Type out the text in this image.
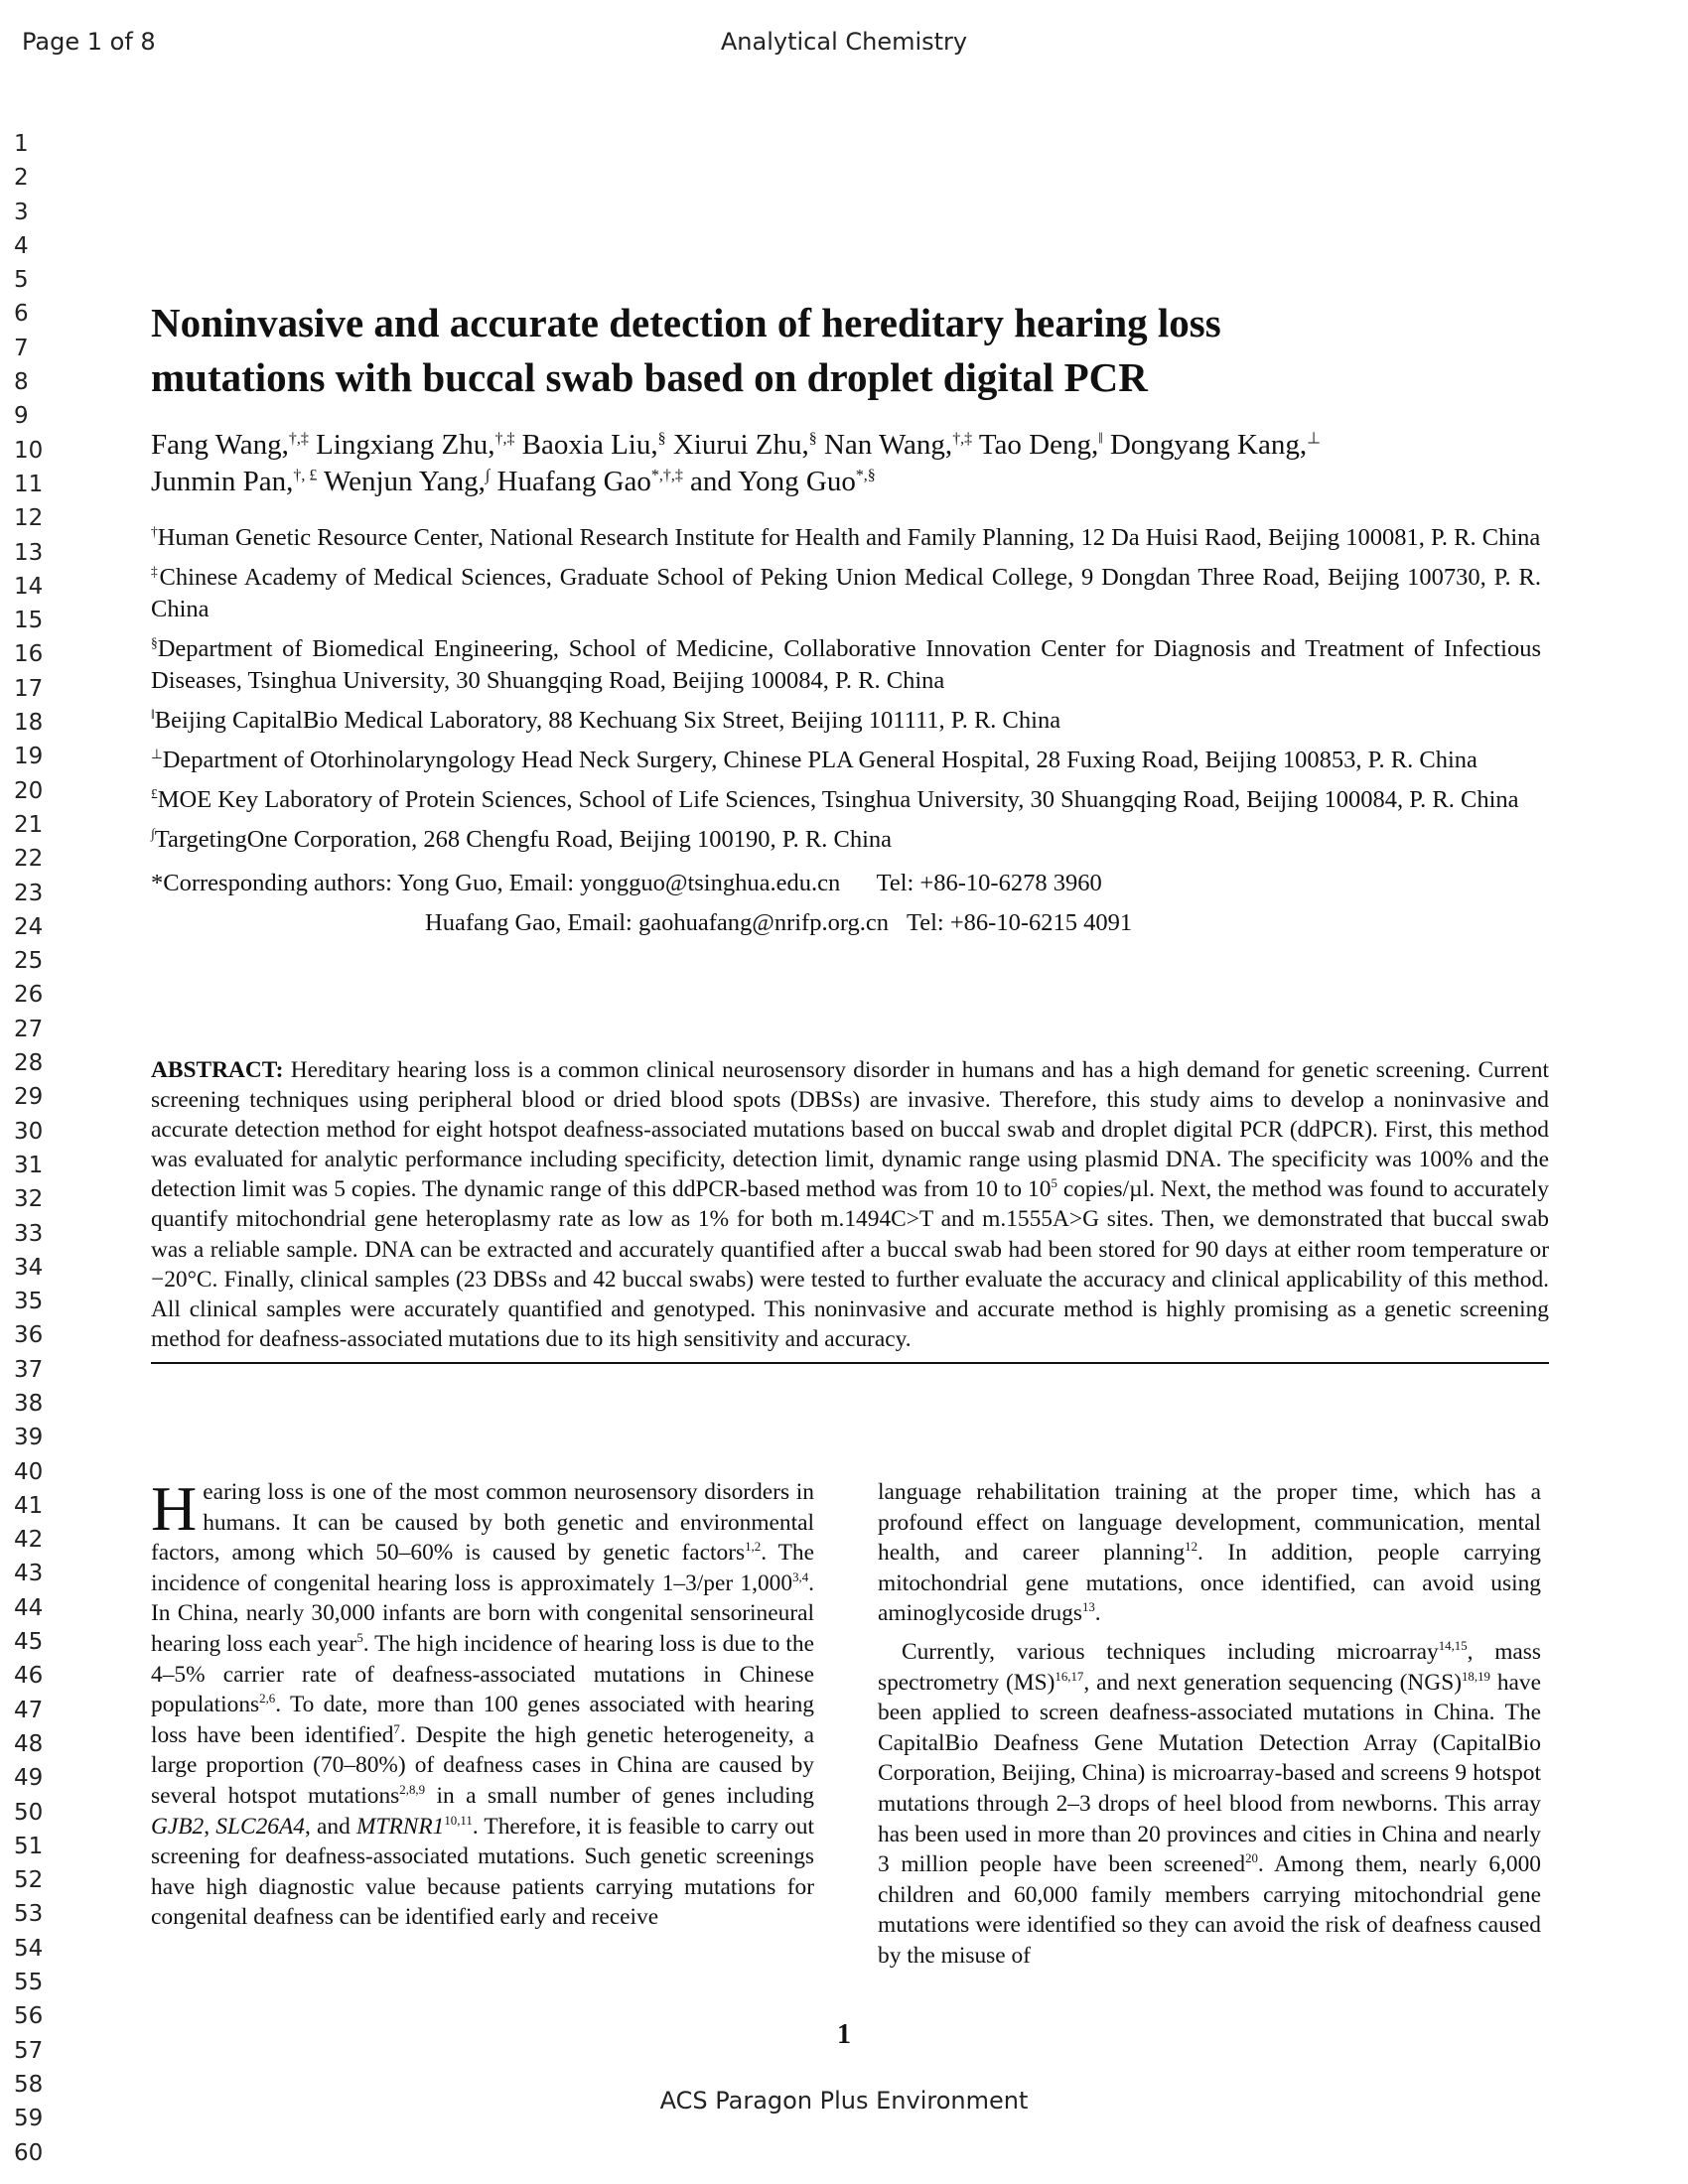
Page 1 of 8	Analytical Chemistry
1
2
3
4
5
6
7
8
9
10
11
12
13
14
15
16
17
18
19
20
21
22
23
24
25
26
27
28
29
30
31
32
33
34
35
36
37
38
39
40
41
42
43
44
45
46
47
48
49
50
51
52
53
54
55
56
57
58
59
60
Noninvasive and accurate detection of hereditary hearing loss
mutations with buccal swab based on droplet digital PCR
Fang Wang,†,‡ Lingxiang Zhu,†,‡ Baoxia Liu,§ Xiurui Zhu,§ Nan Wang,†,‡ Tao Deng,‖ Dongyang Kang,⊥
Junmin Pan,†, £ Wenjun Yang,∫ Huafang Gao*,†,‡ and Yong Guo*,§
†Human Genetic Resource Center, National Research Institute for Health and Family Planning, 12 Da Huisi Raod, Beijing 100081, P. R. China
‡Chinese Academy of Medical Sciences, Graduate School of Peking Union Medical College, 9 Dongdan Three Road, Beijing 100730, P. R. China
§Department of Biomedical Engineering, School of Medicine, Collaborative Innovation Center for Diagnosis and Treatment of Infectious Diseases, Tsinghua University, 30 Shuangqing Road, Beijing 100084, P. R. China
‖Beijing CapitalBio Medical Laboratory, 88 Kechuang Six Street, Beijing 101111, P. R. China
⊥Department of Otorhinolaryngology Head Neck Surgery, Chinese PLA General Hospital, 28 Fuxing Road, Beijing 100853, P. R. China
£MOE Key Laboratory of Protein Sciences, School of Life Sciences, Tsinghua University, 30 Shuangqing Road, Beijing 100084, P. R. China
∫TargetingOne Corporation, 268 Chengfu Road, Beijing 100190, P. R. China
*Corresponding authors: Yong Guo, Email: yongguo@tsinghua.edu.cn Tel: +86-10-6278 3960
Huafang Gao, Email: gaohuafang@nrifp.org.cn Tel: +86-10-6215 4091
ABSTRACT: Hereditary hearing loss is a common clinical neurosensory disorder in humans and has a high demand for genetic screening. Current screening techniques using peripheral blood or dried blood spots (DBSs) are invasive. Therefore, this study aims to develop a noninvasive and accurate detection method for eight hotspot deafness-associated mutations based on buccal swab and droplet digital PCR (ddPCR). First, this method was evaluated for analytic performance including specificity, detection limit, dynamic range using plasmid DNA. The specificity was 100% and the detection limit was 5 copies. The dynamic range of this ddPCR-based method was from 10 to $10^5$ copies/µl. Next, the method was found to accurately quantify mitochondrial gene heteroplasmy rate as low as 1% for both m.1494C>T and m.1555A>G sites. Then, we demonstrated that buccal swab was a reliable sample. DNA can be extracted and accurately quantified after a buccal swab had been stored for 90 days at either room temperature or −20°C. Finally, clinical samples (23 DBSs and 42 buccal swabs) were tested to further evaluate the accuracy and clinical applicability of this method. All clinical samples were accurately quantified and genotyped. This noninvasive and accurate method is highly promising as a genetic screening method for deafness-associated mutations due to its high sensitivity and accuracy.

Hearing loss is one of the most common neurosensory disorders in humans. It can be caused by both genetic and environmental factors, among which 50–60% is caused by genetic factors$^{1,2}$. The incidence of congenital hearing loss is approximately 1–3/per 1,000$^{3,4}$. In China, nearly 30,000 infants are born with congenital sensorineural hearing loss each year$^5$. The high incidence of hearing loss is due to the 4–5% carrier rate of deafness-associated mutations in Chinese populations$^{2,6}$. To date, more than 100 genes associated with hearing loss have been identified$^7$. Despite the high genetic heterogeneity, a large proportion (70–80%) of deafness cases in China are caused by several hotspot mutations$^{2,8,9}$ in a small number of genes including GJB2, SLC26A4, and MTRNR1$^{10,11}$. Therefore, it is feasible to carry out screening for deafness-associated mutations. Such genetic screenings have high diagnostic value because patients carrying mutations for congenital deafness can be identified early and receive

language rehabilitation training at the proper time, which has a profound effect on language development, communication, mental health, and career planning$^{12}$. In addition, people carrying mitochondrial gene mutations, once identified, can avoid using aminoglycoside drugs$^{13}$.

Currently, various techniques including microarray$^{14,15}$, mass spectrometry (MS)$^{16,17}$, and next generation sequencing (NGS)$^{18,19}$ have been applied to screen deafness-associated mutations in China. The CapitalBio Deafness Gene Mutation Detection Array (CapitalBio Corporation, Beijing, China) is microarray-based and screens 9 hotspot mutations through 2–3 drops of heel blood from newborns. This array has been used in more than 20 provinces and cities in China and nearly 3 million people have been screened$^{20}$. Among them, nearly 6,000 children and 60,000 family members carrying mitochondrial gene mutations were identified so they can avoid the risk of deafness caused by the misuse of

1
ACS Paragon Plus Environment
